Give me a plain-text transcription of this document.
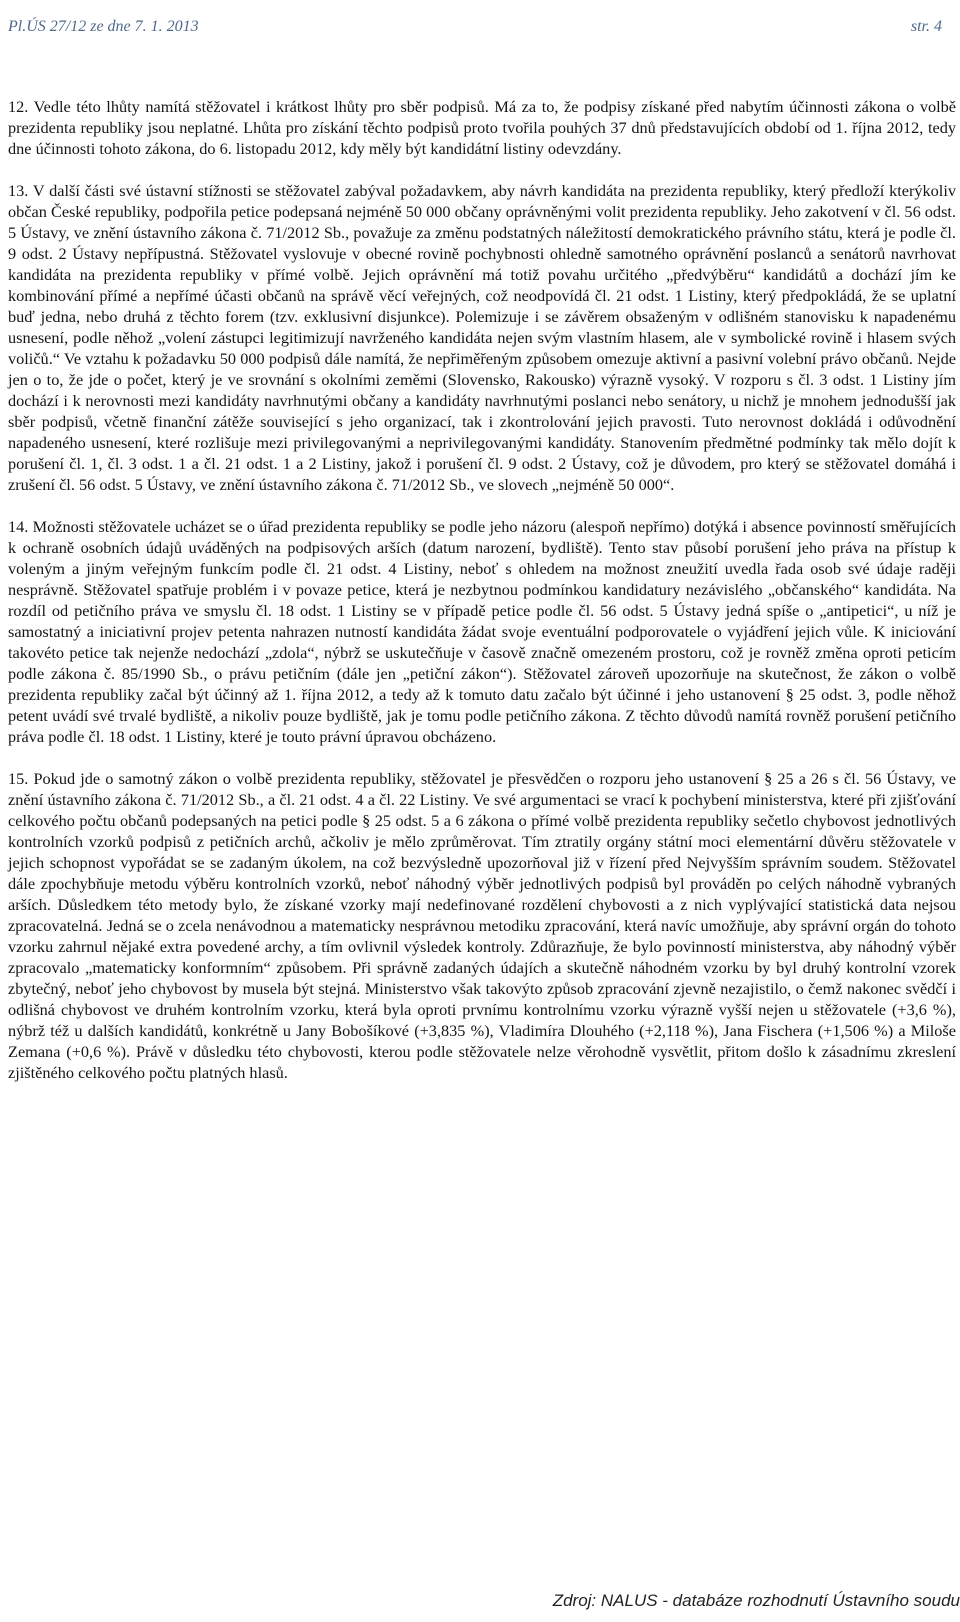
Pl.ÚS 27/12 ze dne 7. 1. 2013	str. 4

12. Vedle této lhůty namítá stěžovatel i krátkost lhůty pro sběr podpisů. Má za to, že podpisy získané před nabytím účinnosti zákona o volbě prezidenta republiky jsou neplatné. Lhůta pro získání těchto podpisů proto tvořila pouhých 37 dnů představujících období od 1. října 2012, tedy dne účinnosti tohoto zákona, do 6. listopadu 2012, kdy měly být kandidátní listiny odevzdány.

13. V další části své ústavní stížnosti se stěžovatel zabýval požadavkem, aby návrh kandidáta na prezidenta republiky, který předloží kterýkoliv občan České republiky, podpořila petice podepsaná nejméně 50 000 občany oprávněnými volit prezidenta republiky. Jeho zakotvení v čl. 56 odst. 5 Ústavy, ve znění ústavního zákona č. 71/2012 Sb., považuje za změnu podstatných náležitostí demokratického právního státu, která je podle čl. 9 odst. 2 Ústavy nepřípustná. Stěžovatel vyslovuje v obecné rovině pochybnosti ohledně samotného oprávnění poslanců a senátorů navrhovat kandidáta na prezidenta republiky v přímé volbě. Jejich oprávnění má totiž povahu určitého „předvýběru“ kandidátů a dochází jím ke kombinování přímé a nepřímé účasti občanů na správě věcí veřejných, což neodpovídá čl. 21 odst. 1 Listiny, který předpokládá, že se uplatní buď jedna, nebo druhá z těchto forem (tzv. exklusivní disjunkce). Polemizuje i se závěrem obsaženým v odlišném stanovisku k napadenému usnesení, podle něhož „volení zástupci legitimizují navrženého kandidáta nejen svým vlastním hlasem, ale v symbolické rovině i hlasem svých voličů.“ Ve vztahu k požadavku 50 000 podpisů dále namítá, že nepřiměřeným způsobem omezuje aktivní a pasivní volební právo občanů. Nejde jen o to, že jde o počet, který je ve srovnání s okolními zeměmi (Slovensko, Rakousko) výrazně vysoký. V rozporu s čl. 3 odst. 1 Listiny jím dochází i k nerovnosti mezi kandidáty navrhnutými občany a kandidáty navrhnutými poslanci nebo senátory, u nichž je mnohem jednodušší jak sběr podpisů, včetně finanční zátěže související s jeho organizací, tak i zkontrolování jejich pravosti. Tuto nerovnost dokládá i odůvodnění napadeného usnesení, které rozlišuje mezi privilegovanými a neprivilegovanými kandidáty. Stanovením předmětné podmínky tak mělo dojít k porušení čl. 1, čl. 3 odst. 1 a čl. 21 odst. 1 a 2 Listiny, jakož i porušení čl. 9 odst. 2 Ústavy, což je důvodem, pro který se stěžovatel domáhá i zrušení čl. 56 odst. 5 Ústavy, ve znění ústavního zákona č. 71/2012 Sb., ve slovech „nejméně 50 000“.

14. Možnosti stěžovatele ucházet se o úřad prezidenta republiky se podle jeho názoru (alespoň nepřímo) dotýká i absence povinností směřujících k ochraně osobních údajů uváděných na podpisových arších (datum narození, bydliště). Tento stav působí porušení jeho práva na přístup k voleným a jiným veřejným funkcím podle čl. 21 odst. 4 Listiny, neboť s ohledem na možnost zneužití uvedla řada osob své údaje raději nesprávně. Stěžovatel spatřuje problém i v povaze petice, která je nezbytnou podmínkou kandidatury nezávislého „občanského“ kandidáta. Na rozdíl od petičního práva ve smyslu čl. 18 odst. 1 Listiny se v případě petice podle čl. 56 odst. 5 Ústavy jedná spíše o „antipetici“, u níž je samostatný a iniciativní projev petenta nahrazen nutností kandidáta žádat svoje eventuální podporovatele o vyjádření jejich vůle. K iniciování takovéto petice tak nejenže nedochází „zdola“, nýbrž se uskutečňuje v časově značně omezeném prostoru, což je rovněž změna oproti peticím podle zákona č. 85/1990 Sb., o právu petičním (dále jen „petiční zákon“). Stěžovatel zároveň upozorňuje na skutečnost, že zákon o volbě prezidenta republiky začal být účinný až 1. října 2012, a tedy až k tomuto datu začalo být účinné i jeho ustanovení § 25 odst. 3, podle něhož petent uvádí své trvalé bydliště, a nikoliv pouze bydliště, jak je tomu podle petičního zákona. Z těchto důvodů namítá rovněž porušení petičního práva podle čl. 18 odst. 1 Listiny, které je touto právní úpravou obcházeno.

15. Pokud jde o samotný zákon o volbě prezidenta republiky, stěžovatel je přesvědčen o rozporu jeho ustanovení § 25 a 26 s čl. 56 Ústavy, ve znění ústavního zákona č. 71/2012 Sb., a čl. 21 odst. 4 a čl. 22 Listiny. Ve své argumentaci se vrací k pochybení ministerstva, které při zjišťování celkového počtu občanů podepsaných na petici podle § 25 odst. 5 a 6 zákona o přímé volbě prezidenta republiky sečetlo chybovost jednotlivých kontrolních vzorků podpisů z petičních archů, ačkoliv je mělo zprůměrovat. Tím ztratily orgány státní moci elementární důvěru stěžovatele v jejich schopnost vypořádat se se zadaným úkolem, na což bezvýsledně upozorňoval již v řízení před Nejvyšším správním soudem. Stěžovatel dále zpochybňuje metodu výběru kontrolních vzorků, neboť náhodný výběr jednotlivých podpisů byl prováděn po celých náhodně vybraných arších. Důsledkem této metody bylo, že získané vzorky mají nedefinované rozdělení chybovosti a z nich vyplývající statistická data nejsou zpracovatelná. Jedná se o zcela nenávodnou a matematicky nesprávnou metodiku zpracování, která navíc umožňuje, aby správní orgán do tohoto vzorku zahrnul nějaké extra povedené archy, a tím ovlivnil výsledek kontroly. Zdůrazňuje, že bylo povinností ministerstva, aby náhodný výběr zpracovalo „matematicky konformním“ způsobem. Při správně zadaných údajích a skutečně náhodném vzorku by byl druhý kontrolní vzorek zbytečný, neboť jeho chybovost by musela být stejná. Ministerstvo však takovýto způsob zpracování zjevně nezajistilo, o čemž nakonec svědčí i odlišná chybovost ve druhém kontrolním vzorku, která byla oproti prvnímu kontrolnímu vzorku výrazně vyšší nejen u stěžovatele (+3,6 %), nýbrž též u dalších kandidátů, konkrétně u Jany Bobošíkové (+3,835 %), Vladimíra Dlouhého (+2,118 %), Jana Fischera (+1,506 %) a Miloše Zemana (+0,6 %). Právě v důsledku této chybovosti, kterou podle stěžovatele nelze věrohodně vysvětlit, přitom došlo k zásadnímu zkreslení zjištěného celkového počtu platných hlasů.

Zdroj: NALUS - databáze rozhodnutí Ústavního soudu
